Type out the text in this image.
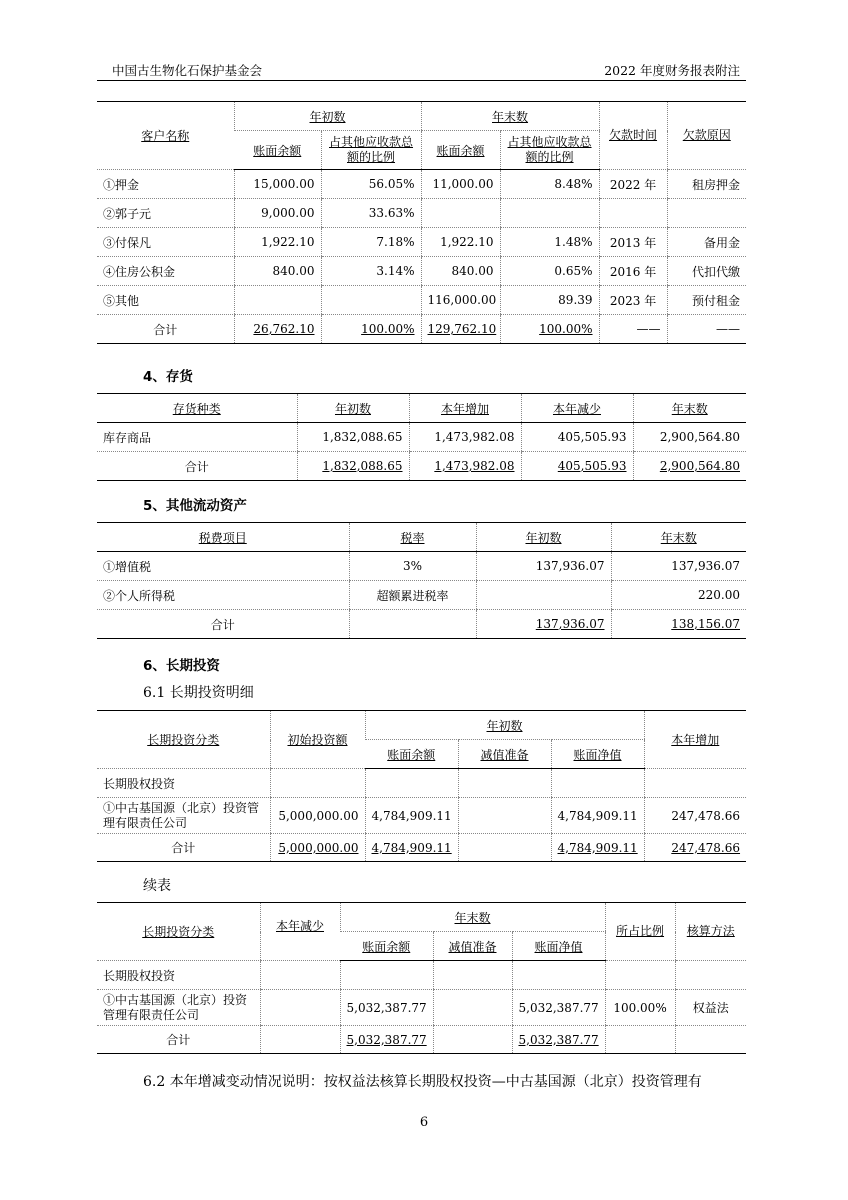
中国古生物化石保护基金会	2022 年度财务报表附注
客户名称	年初数		年末数		欠款时间	欠款原因
	账面余额	占其他应收款总额的比例	账面余额	占其他应收款总额的比例		
①押金	15,000.00	56.05%	11,000.00	8.48%	2022 年	租房押金
②郭子元	9,000.00	33.63%				
③付保凡	1,922.10	7.18%	1,922.10	1.48%	2013 年	备用金
④住房公积金	840.00	3.14%	840.00	0.65%	2016 年	代扣代缴
⑤其他			116,000.00	89.39	2023 年	预付租金
合计	26,762.10	100.00%	129,762.10	100.00%	——	——
4、存货
存货种类	年初数	本年增加	本年减少	年末数
库存商品	1,832,088.65	1,473,982.08	405,505.93	2,900,564.80
合计	1,832,088.65	1,473,982.08	405,505.93	2,900,564.80
5、其他流动资产
税费项目	税率	年初数	年末数
①增值税	3%	137,936.07	137,936.07
②个人所得税	超额累进税率		220.00
合计		137,936.07	138,156.07
6、长期投资
6.1 长期投资明细
长期投资分类	初始投资额	年初数			本年增加
		账面余额	减值准备	账面净值	
长期股权投资					
①中古基国源（北京）投资管理有限责任公司	5,000,000.00	4,784,909.11		4,784,909.11	247,478.66
合计	5,000,000.00	4,784,909.11		4,784,909.11	247,478.66
续表
长期投资分类	本年减少	年末数			所占比例	核算方法
		账面余额	减值准备	账面净值		
长期股权投资						
①中古基国源（北京）投资管理有限责任公司		5,032,387.77		5,032,387.77	100.00%	权益法
合计		5,032,387.77		5,032,387.77		
6.2 本年增减变动情况说明：按权益法核算长期股权投资—中古基国源（北京）投资管理有
6
